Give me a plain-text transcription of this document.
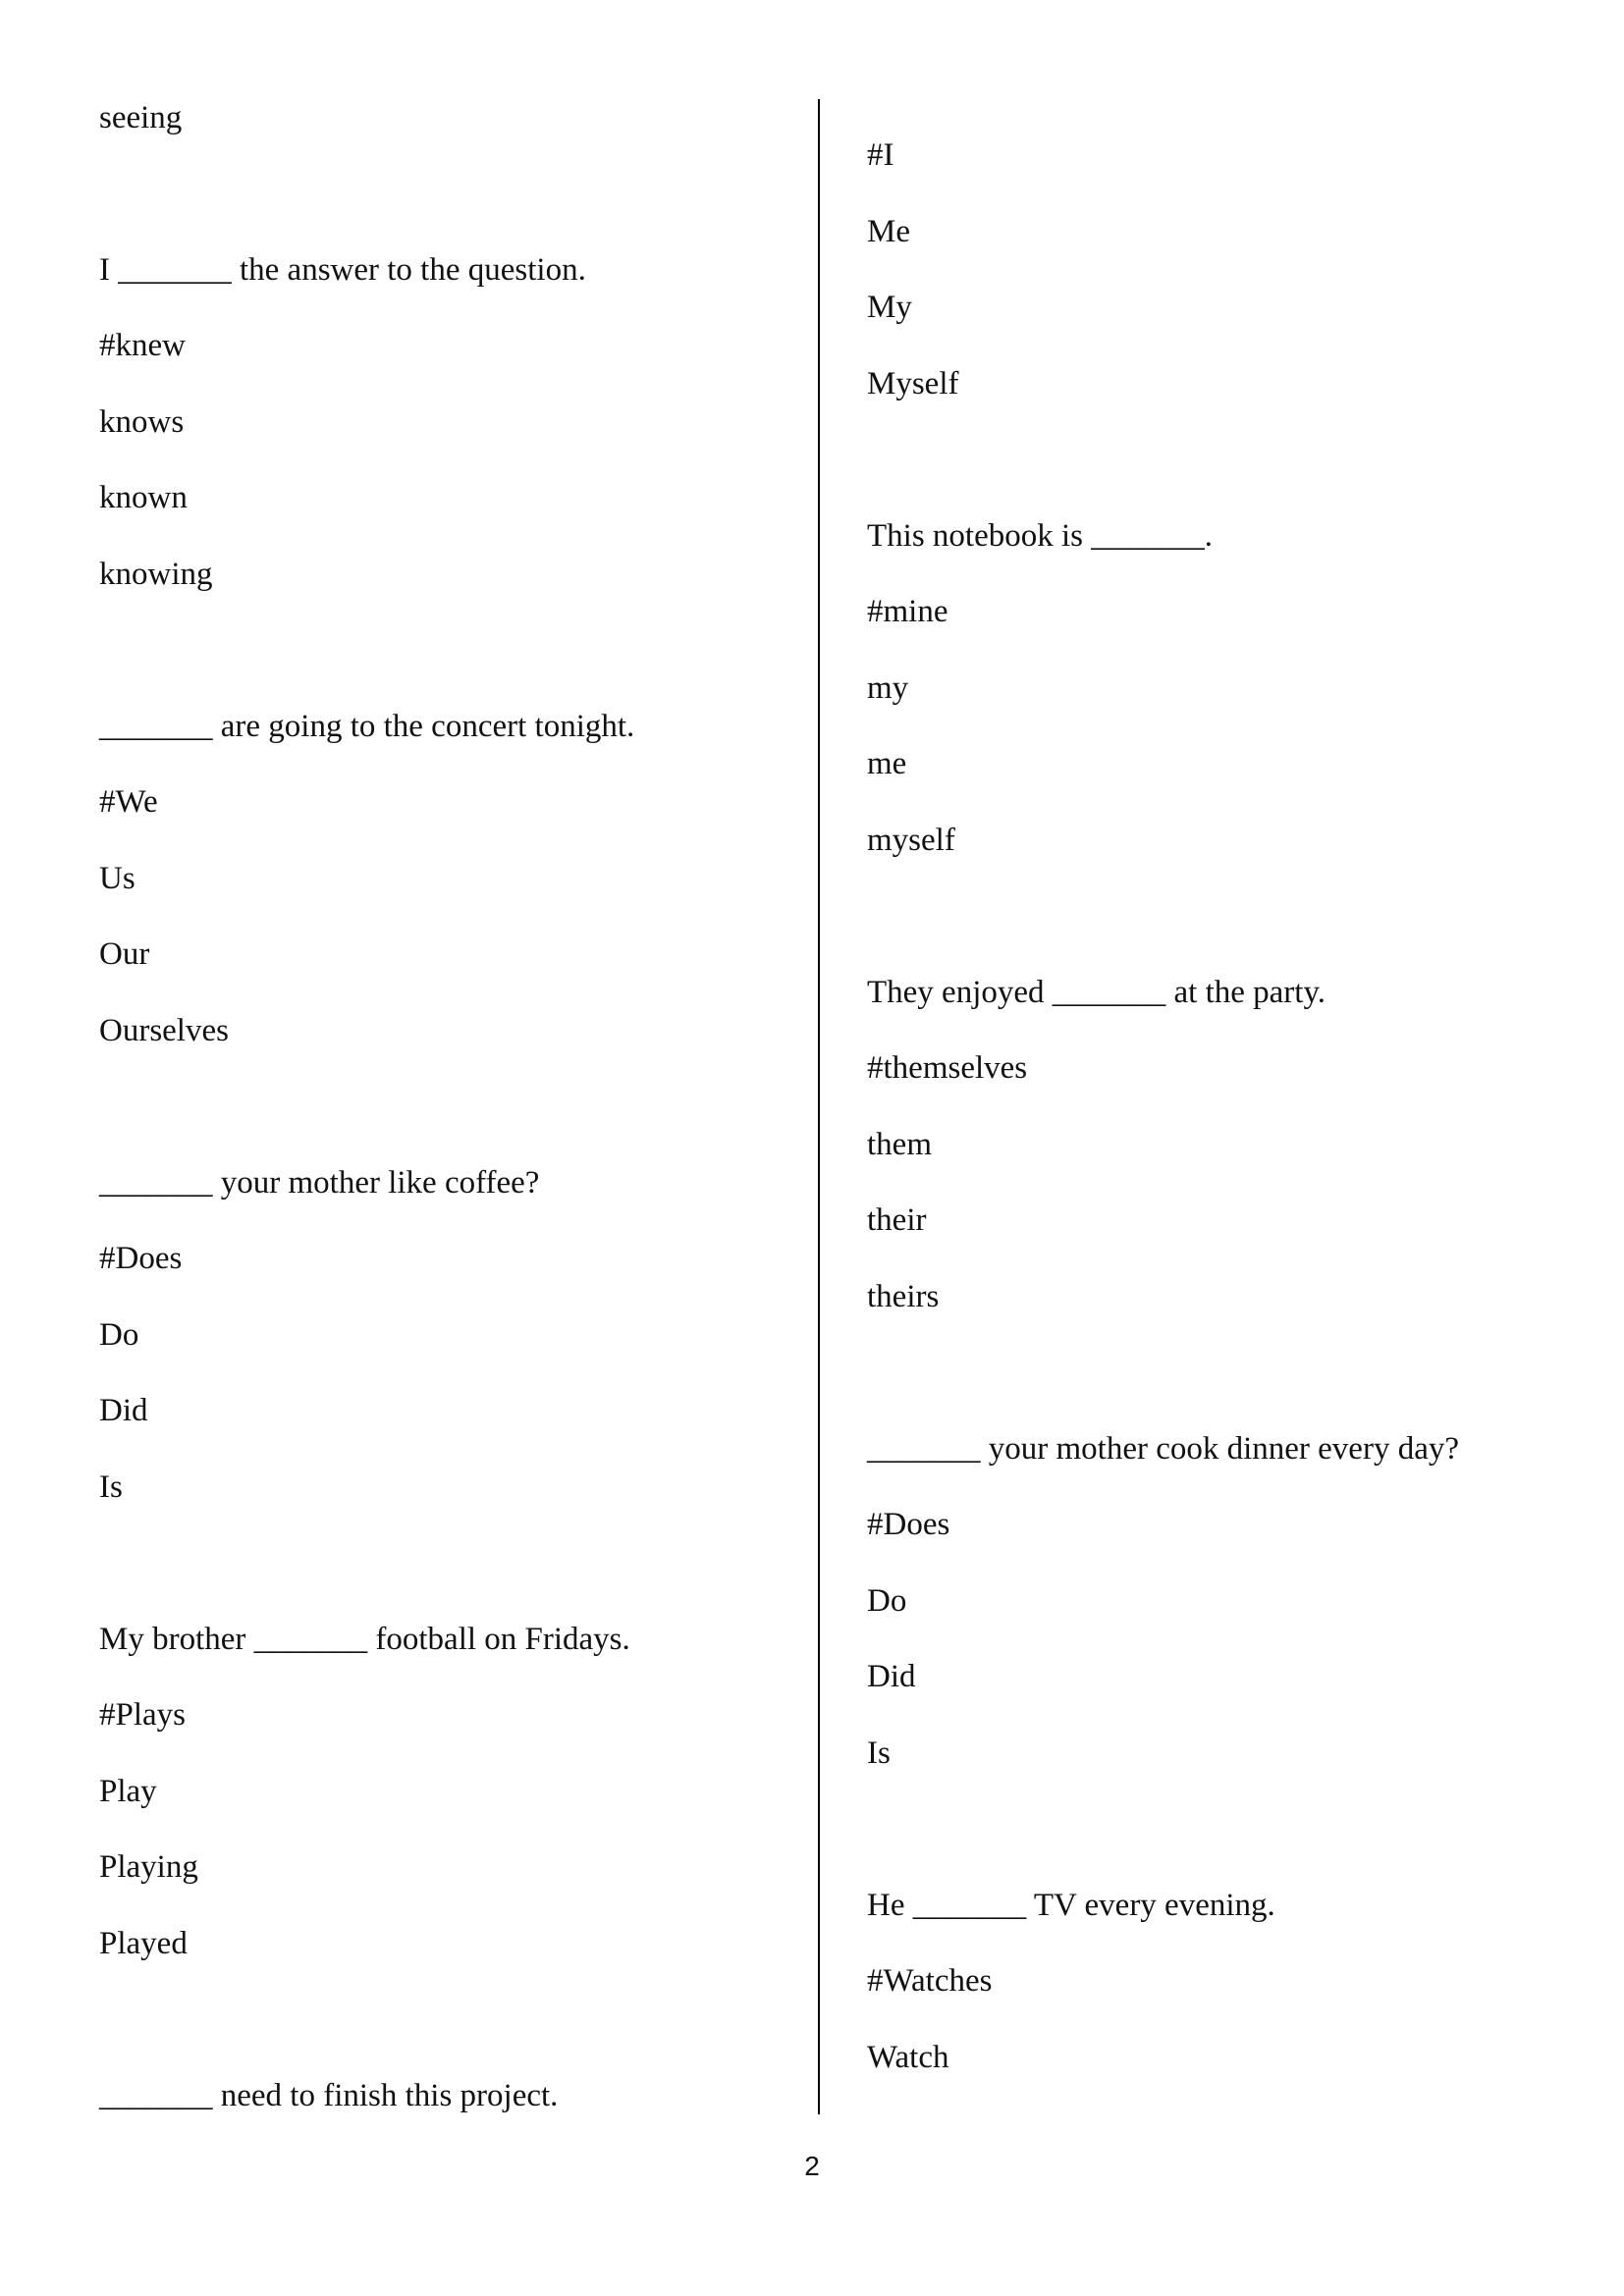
seeing
I _______ the answer to the question.
#knew
knows
known
knowing
_______ are going to the concert tonight.
#We
Us
Our
Ourselves
_______ your mother like coffee?
#Does
Do
Did
Is
My brother _______ football on Fridays.
#Plays
Play
Playing
Played
_______ need to finish this project.
#I
Me
My
Myself
This notebook is _______.
#mine
my
me
myself
They enjoyed _______ at the party.
#themselves
them
their
theirs
_______ your mother cook dinner every day?
#Does
Do
Did
Is
He _______ TV every evening.
#Watches
Watch
2
